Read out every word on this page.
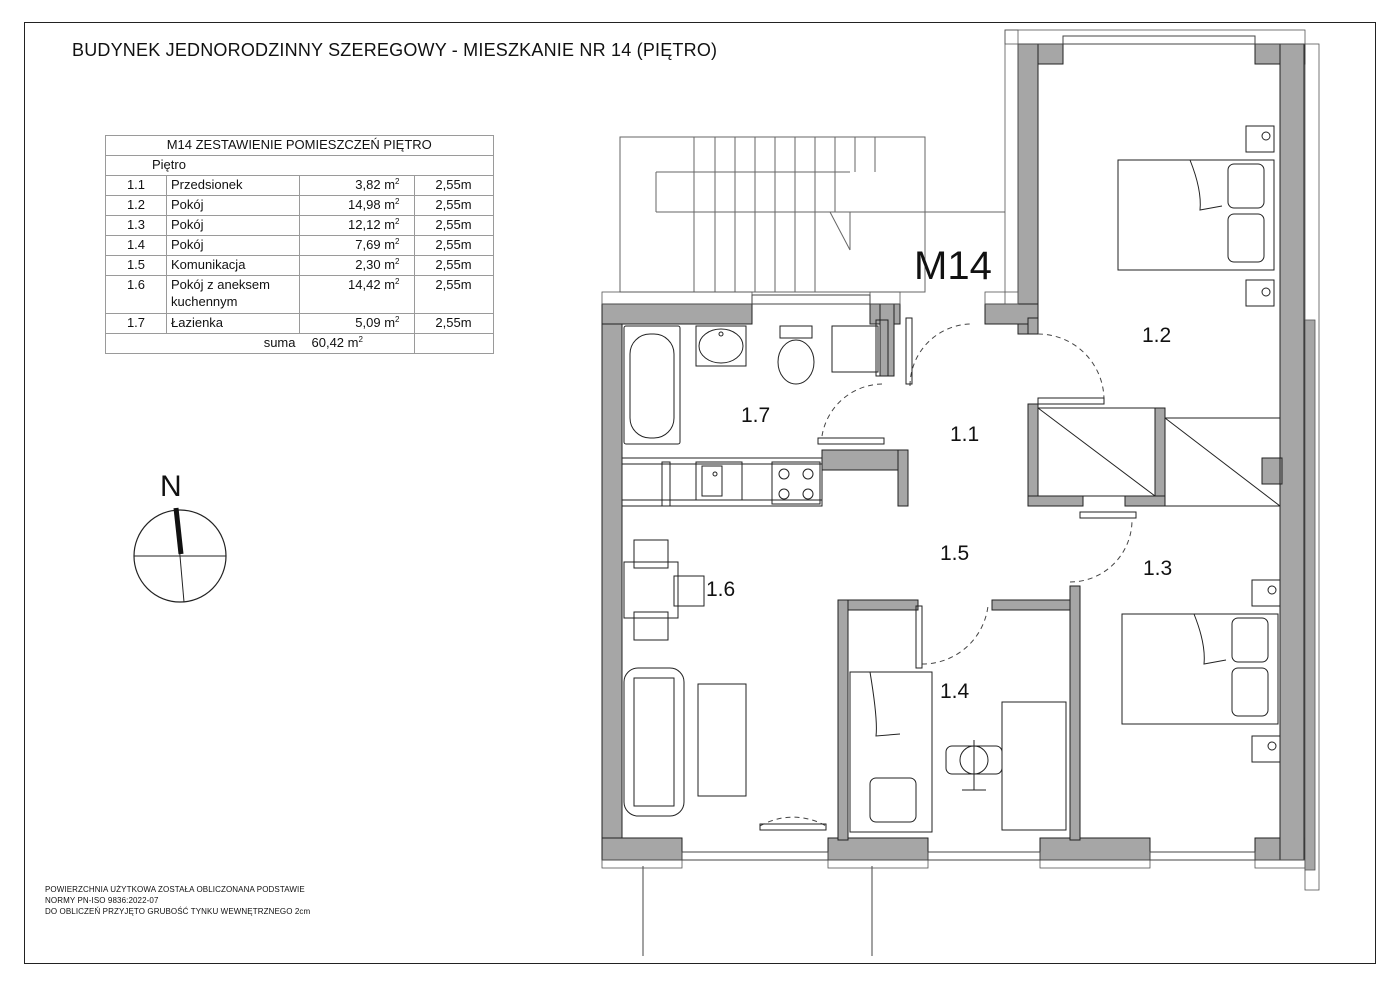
BUDYNEK JEDNORODZINNY SZEREGOWY - MIESZKANIE NR 14 (PIĘTRO)
M14 ZESTAWIENIE POMIESZCZEŃ PIĘTRO			
Piętro			
1.1	Przedsionek	3,82 $m^2$	2,55m
1.2	Pokój	14,98 $m^2$	2,55m
1.3	Pokój	12,12 $m^2$	2,55m
1.4	Pokój	7,69 $m^2$	2,55m
1.5	Komunikacja	2,30 $m^2$	2,55m
1.6	Pokój z aneksem kuchennym	14,42 $m^2$	2,55m
1.7	Łazienka	5,09 $m^2$	2,55m
	suma	60,42 $m^2$	
M14
1.2
1.7
1.1
1.5
1.3
1.6
1.4
N
POWIERZCHNIA UŻYTKOWA ZOSTAŁA OBLICZONANA PODSTAWIE
NORMY PN-ISO 9836:2022-07
DO OBLICZEŃ PRZYJĘTO GRUBOŚĆ TYNKU WEWNĘTRZNEGO 2cm
